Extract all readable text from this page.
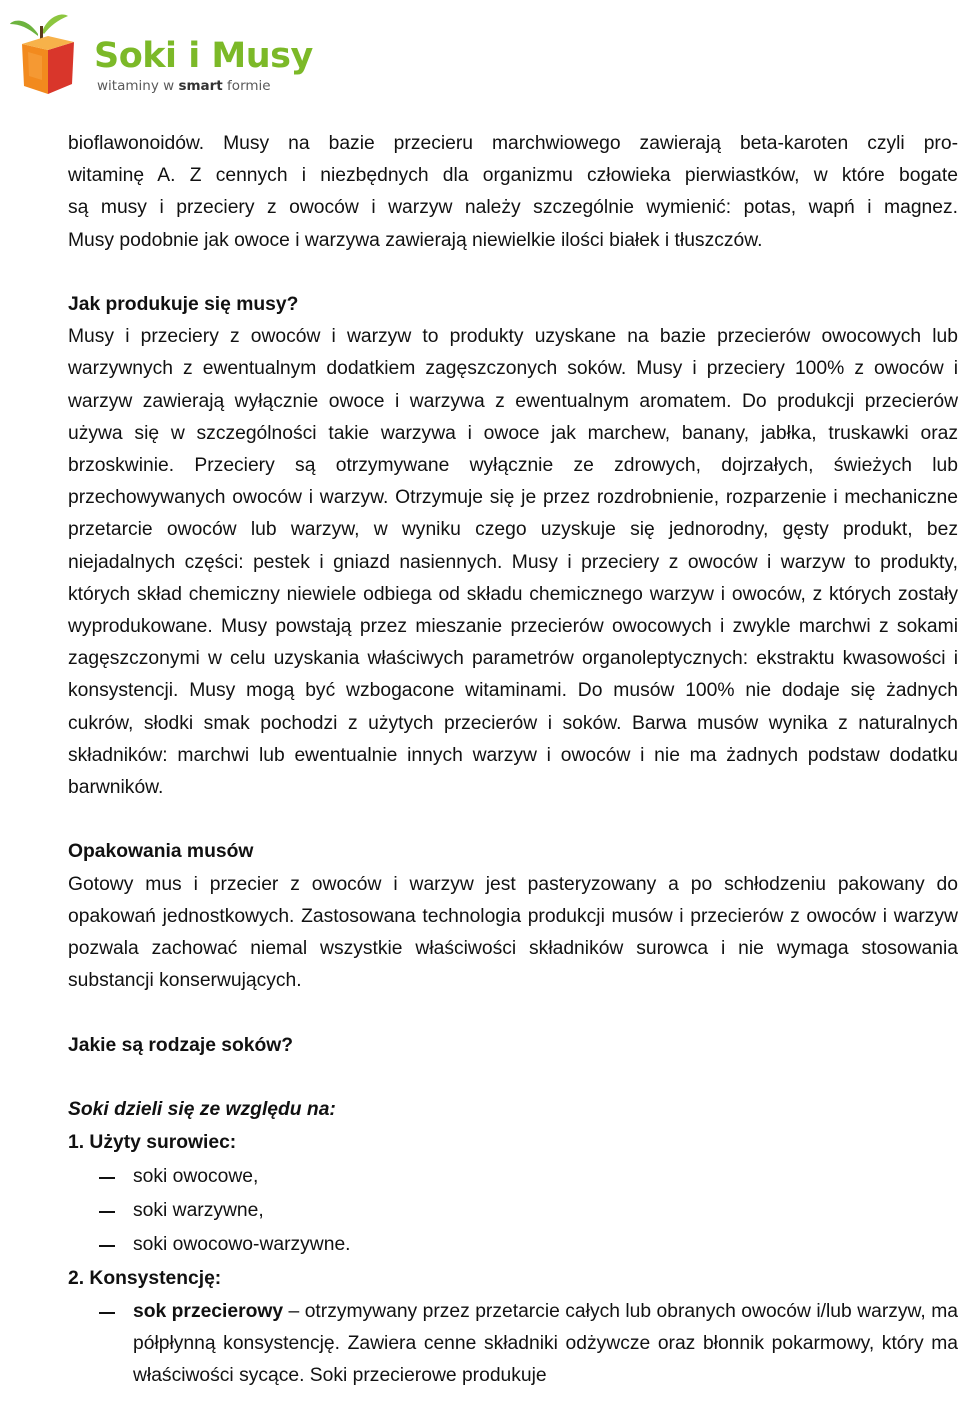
Soki i Musy
witaminy w smart formie

bioflawonoidów. Musy na bazie przecieru marchwiowego zawierają beta-karoten czyli pro-

witaminę A. Z cennych i niezbędnych dla organizmu człowieka pierwiastków, w które bogate

są musy i przeciery z owoców i warzyw należy szczególnie wymienić: potas, wapń i magnez.

Musy podobnie jak owoce i warzywa zawierają niewielkie ilości białek i tłuszczów.

Jak produkuje się musy?

Musy i przeciery z owoców i warzyw to produkty uzyskane na bazie przecierów owocowych lub warzywnych z ewentualnym dodatkiem zagęszczonych soków. Musy i przeciery 100% z owoców i warzyw zawierają wyłącznie owoce i warzywa z ewentualnym aromatem. Do produkcji przecierów używa się w szczególności takie warzywa i owoce jak marchew, banany, jabłka, truskawki oraz brzoskwinie. Przeciery są otrzymywane wyłącznie ze zdrowych, dojrzałych, świeżych lub przechowywanych owoców i warzyw. Otrzymuje się je przez rozdrobnienie, rozparzenie i mechaniczne przetarcie owoców lub warzyw, w wyniku czego uzyskuje się jednorodny, gęsty produkt, bez niejadalnych części: pestek i gniazd nasiennych. Musy i przeciery z owoców i warzyw to produkty, których skład chemiczny niewiele odbiega od składu chemicznego warzyw i owoców, z których zostały wyprodukowane. Musy powstają przez mieszanie przecierów owocowych i zwykle marchwi z sokami zagęszczonymi w celu uzyskania właściwych parametrów organoleptycznych: ekstraktu kwasowości i konsystencji. Musy mogą być wzbogacone witaminami. Do musów 100% nie dodaje się żadnych cukrów, słodki smak pochodzi z użytych przecierów i soków. Barwa musów wynika z naturalnych składników: marchwi lub ewentualnie innych warzyw i owoców i nie ma żadnych podstaw dodatku barwników.

Opakowania musów

Gotowy mus i przecier z owoców i warzyw jest pasteryzowany a po schłodzeniu pakowany do opakowań jednostkowych. Zastosowana technologia produkcji musów i przecierów z owoców i warzyw pozwala zachować niemal wszystkie właściwości składników surowca i nie wymaga stosowania substancji konserwujących.

Jakie są rodzaje soków?

Soki dzieli się ze względu na:

1. Użyty surowiec:

soki owocowe,
soki warzywne,
soki owocowo-warzywne.

2. Konsystencję:

sok przecierowy – otrzymywany przez przetarcie całych lub obranych owoców i/lub warzyw, ma półpłynną konsystencję. Zawiera cenne składniki odżywcze oraz błonnik pokarmowy, który ma właściwości sycące. Soki przecierowe produkuje
